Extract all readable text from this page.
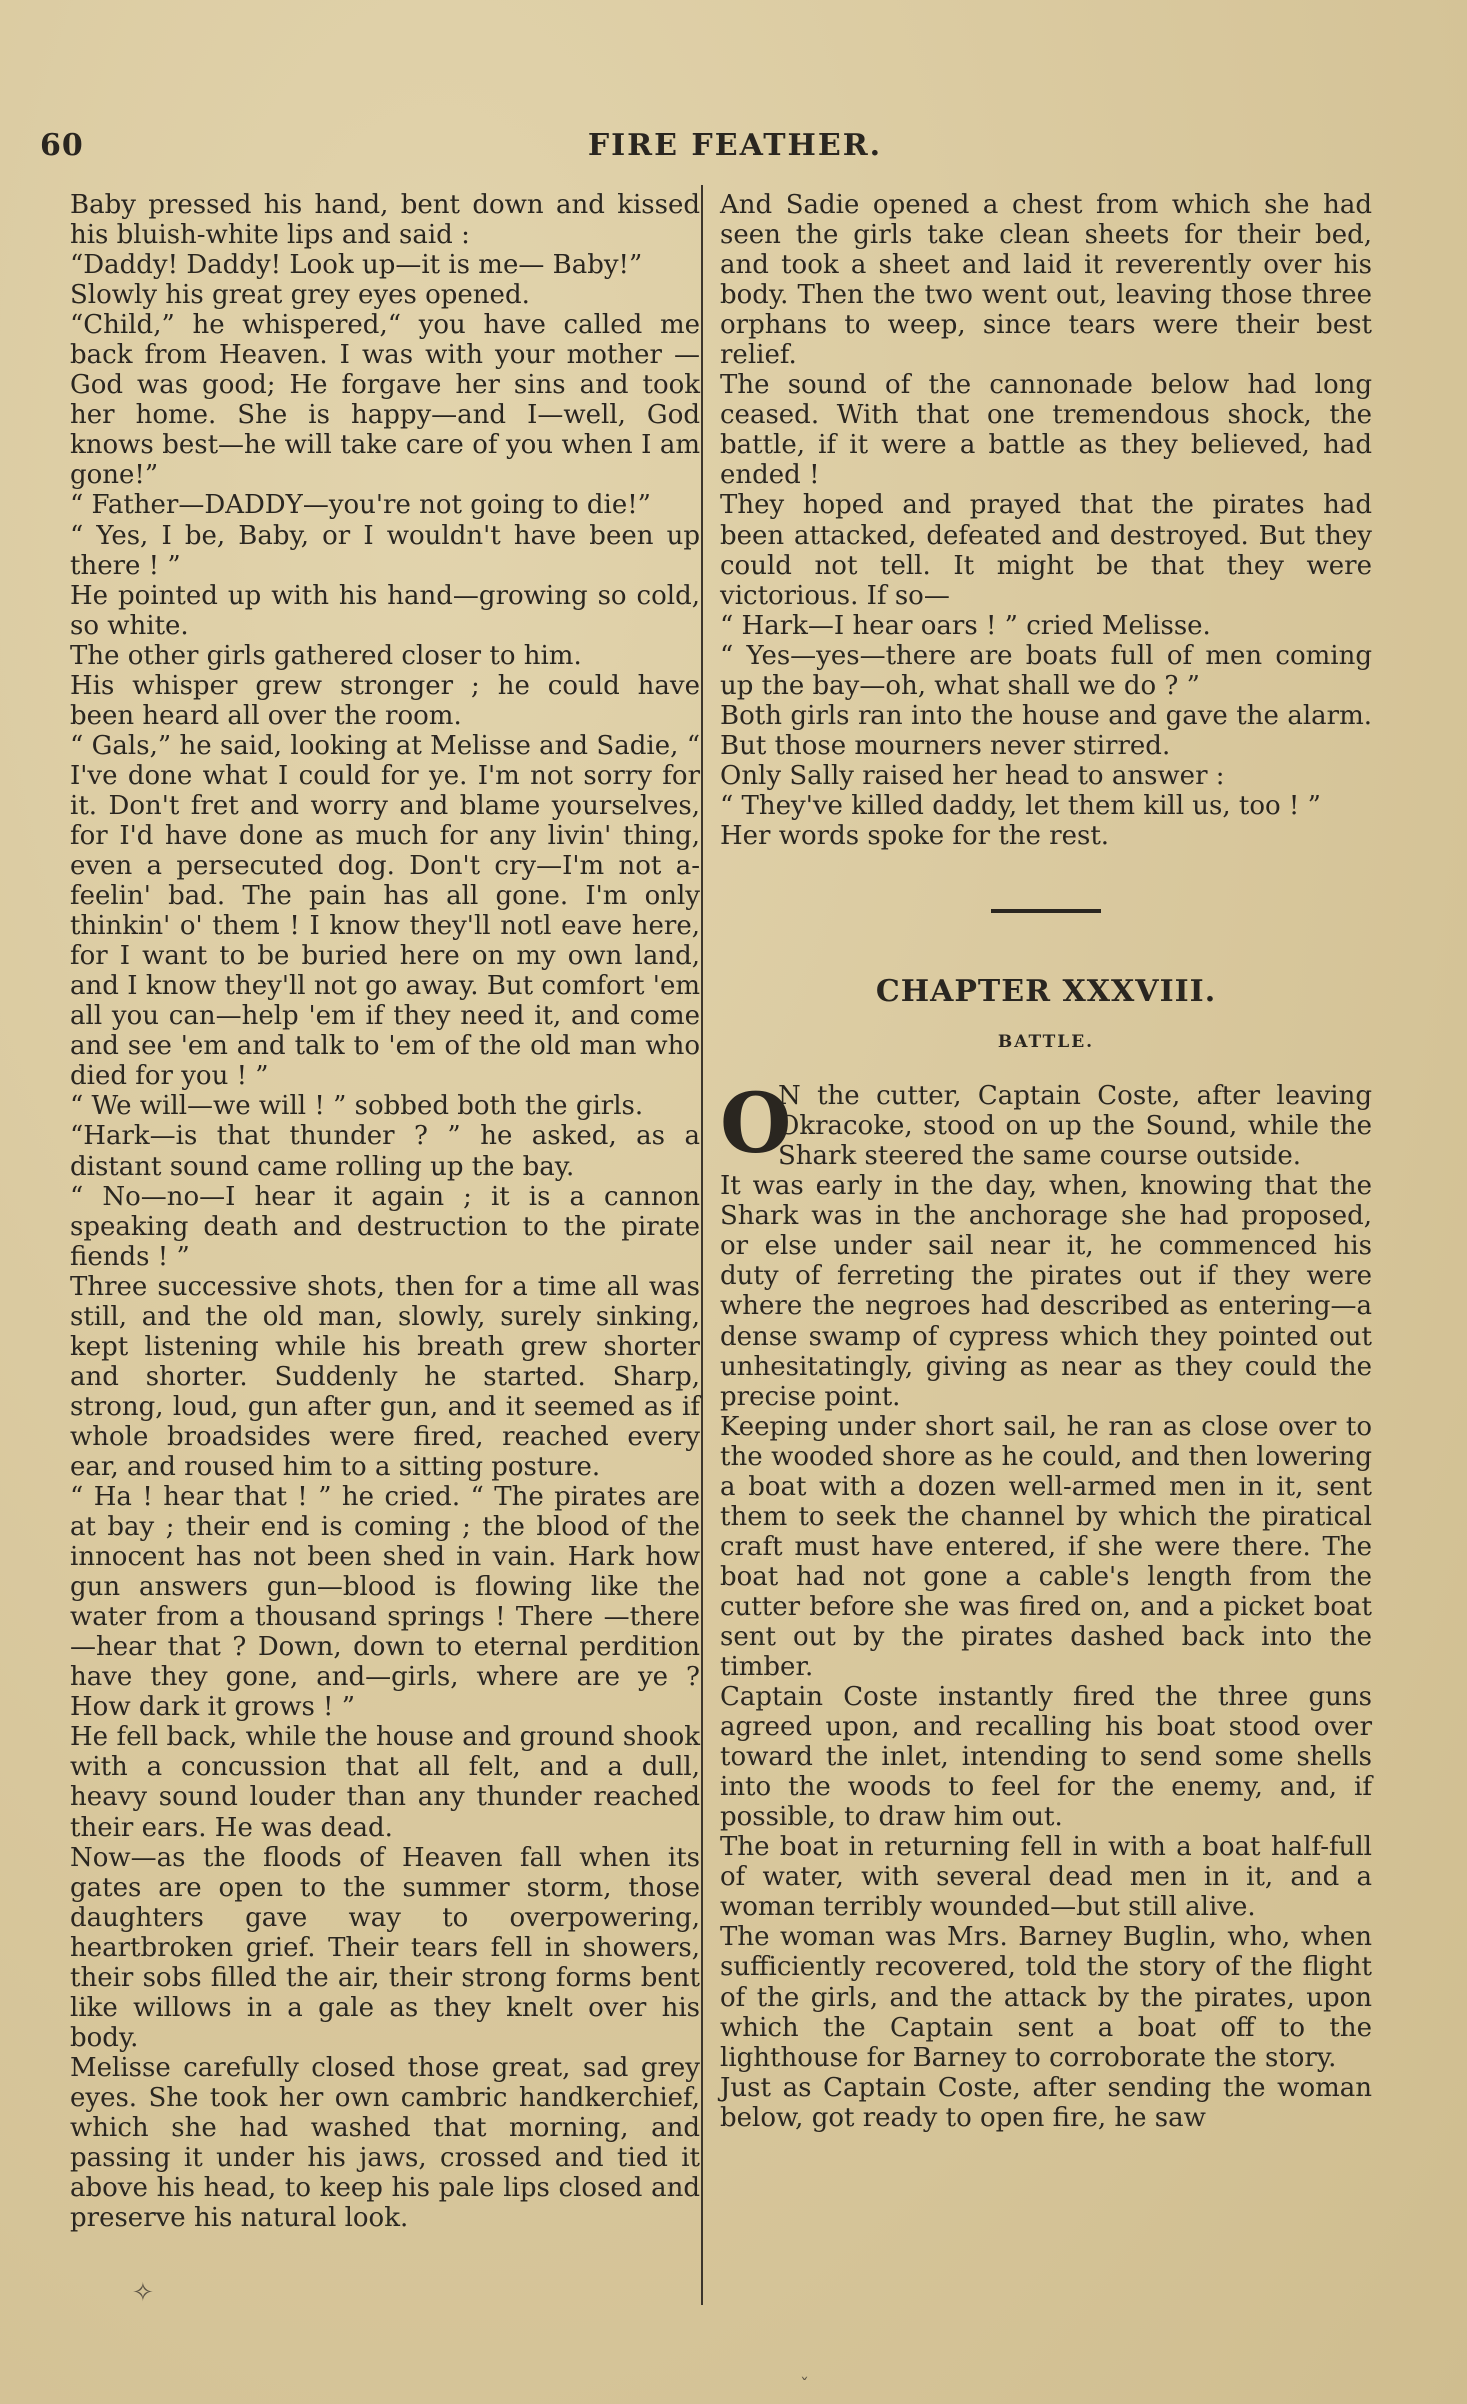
60	FIRE FEATHER.

Baby pressed his hand, bent down and kissed his bluish-white lips and said :

“Daddy! Daddy! Look up—it is me— Baby!”

Slowly his great grey eyes opened.

“Child,” he whispered,“ you have called me back from Heaven. I was with your mother —God was good; He forgave her sins and took her home. She is happy—and I—well, God knows best—he will take care of you when I am gone!”

“ Father—DADDY—you're not going to die!”

“ Yes, I be, Baby, or I wouldn't have been up there ! ”

He pointed up with his hand—growing so cold, so white.

The other girls gathered closer to him.

His whisper grew stronger ; he could have been heard all over the room.

“ Gals,” he said, looking at Melisse and Sadie, “ I've done what I could for ye. I'm not sorry for it. Don't fret and worry and blame yourselves, for I'd have done as much for any livin' thing, even a persecuted dog. Don't cry—I'm not a-feelin' bad. The pain has all gone. I'm only thinkin' o' them ! I know they'll notl eave here, for I want to be buried here on my own land, and I know they'll not go away. But comfort 'em all you can—help 'em if they need it, and come and see 'em and talk to 'em of the old man who died for you ! ”

“ We will—we will ! ” sobbed both the girls.

“Hark—is that thunder ? ” he asked, as a distant sound came rolling up the bay.

“ No—no—I hear it again ; it is a cannon speaking death and destruction to the pirate fiends ! ”

Three successive shots, then for a time all was still, and the old man, slowly, surely sinking, kept listening while his breath grew shorter and shorter. Suddenly he started. Sharp, strong, loud, gun after gun, and it seemed as if whole broadsides were fired, reached every ear, and roused him to a sitting posture.

“ Ha ! hear that ! ” he cried. “ The pirates are at bay ; their end is coming ; the blood of the innocent has not been shed in vain. Hark how gun answers gun—blood is flowing like the water from a thousand springs ! There —there—hear that ? Down, down to eternal perdition have they gone, and—girls, where are ye ? How dark it grows ! ”

He fell back, while the house and ground shook with a concussion that all felt, and a dull, heavy sound louder than any thunder reached their ears. He was dead.

Now—as the floods of Heaven fall when its gates are open to the summer storm, those daughters gave way to overpowering, heartbroken grief. Their tears fell in showers, their sobs filled the air, their strong forms bent like willows in a gale as they knelt over his body.

Melisse carefully closed those great, sad grey eyes. She took her own cambric handkerchief, which she had washed that morning, and passing it under his jaws, crossed and tied it above his head, to keep his pale lips closed and preserve his natural look.

And Sadie opened a chest from which she had seen the girls take clean sheets for their bed, and took a sheet and laid it reverently over his body. Then the two went out, leaving those three orphans to weep, since tears were their best relief.

The sound of the cannonade below had long ceased. With that one tremendous shock, the battle, if it were a battle as they believed, had ended !

They hoped and prayed that the pirates had been attacked, defeated and destroyed. But they could not tell. It might be that they were victorious. If so—

“ Hark—I hear oars ! ” cried Melisse.

“ Yes—yes—there are boats full of men coming up the bay—oh, what shall we do ? ”

Both girls ran into the house and gave the alarm. But those mourners never stirred.

Only Sally raised her head to answer :

“ They've killed daddy, let them kill us, too ! ”

Her words spoke for the rest.

CHAPTER XXXVIII.
BATTLE.
O

N the cutter, Captain Coste, after leaving Okracoke, stood on up the Sound, while the Shark steered the same course outside.

It was early in the day, when, knowing that the Shark was in the anchorage she had proposed, or else under sail near it, he commenced his duty of ferreting the pirates out if they were where the negroes had described as entering—a dense swamp of cypress which they pointed out unhesitatingly, giving as near as they could the precise point.

Keeping under short sail, he ran as close over to the wooded shore as he could, and then lowering a boat with a dozen well-armed men in it, sent them to seek the channel by which the piratical craft must have entered, if she were there. The boat had not gone a cable's length from the cutter before she was fired on, and a picket boat sent out by the pirates dashed back into the timber.

Captain Coste instantly fired the three guns agreed upon, and recalling his boat stood over toward the inlet, intending to send some shells into the woods to feel for the enemy, and, if possible, to draw him out.

The boat in returning fell in with a boat half-full of water, with several dead men in it, and a woman terribly wounded—but still alive.

The woman was Mrs. Barney Buglin, who, when sufficiently recovered, told the story of the flight of the girls, and the attack by the pirates, upon which the Captain sent a boat off to the lighthouse for Barney to corroborate the story.

Just as Captain Coste, after sending the woman below, got ready to open fire, he saw

✧
ˇ
